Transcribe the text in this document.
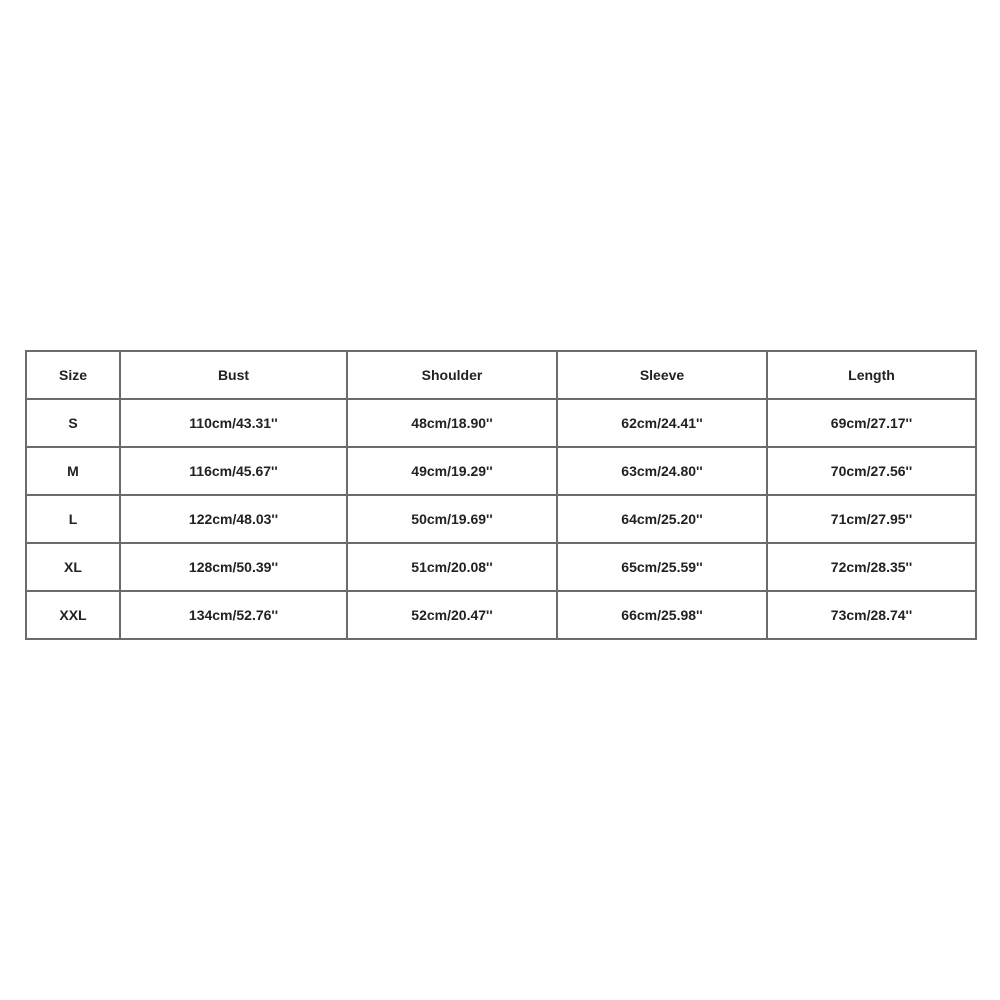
Size	Bust	Shoulder	Sleeve	Length
S	110cm/43.31''	48cm/18.90''	62cm/24.41''	69cm/27.17''
M	116cm/45.67''	49cm/19.29''	63cm/24.80''	70cm/27.56''
L	122cm/48.03''	50cm/19.69''	64cm/25.20''	71cm/27.95''
XL	128cm/50.39''	51cm/20.08''	65cm/25.59''	72cm/28.35''
XXL	134cm/52.76''	52cm/20.47''	66cm/25.98''	73cm/28.74''
